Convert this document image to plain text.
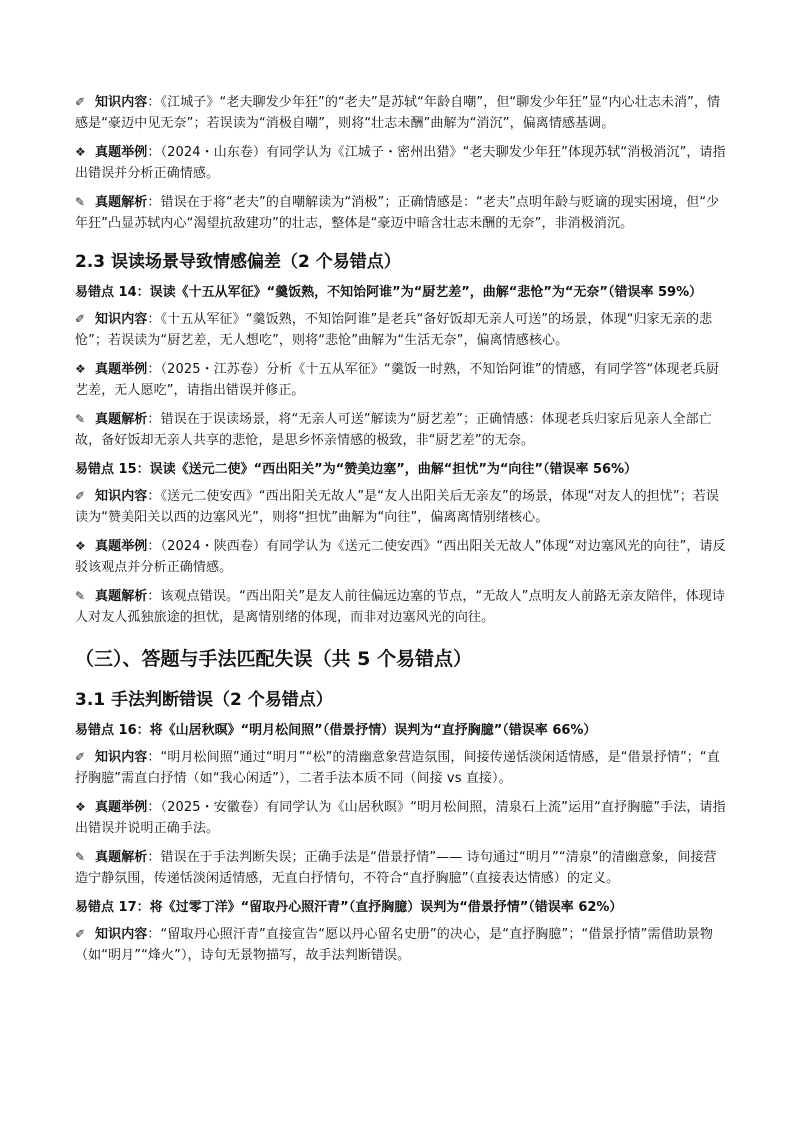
✐ 知识内容：《江城子》“老夫聊发少年狂”的“老夫”是苏轼“年龄自嘲”，但“聊发少年狂”显“内心壮志未消”，情感是“豪迈中见无奈”；若误读为“消极自嘲”，则将“壮志未酬”曲解为“消沉”，偏离情感基调。

❖ 真题举例：（2024・山东卷）有同学认为《江城子・密州出猎》“老夫聊发少年狂”体现苏轼“消极消沉”，请指出错误并分析正确情感。

✎ 真题解析：错误在于将“老夫”的自嘲解读为“消极”；正确情感是：“老夫”点明年龄与贬谪的现实困境，但“少年狂”凸显苏轼内心“渴望抗敌建功”的壮志，整体是“豪迈中暗含壮志未酬的无奈”，非消极消沉。

2.3 误读场景导致情感偏差（2 个易错点）
易错点 14：误读《十五从军征》“羹饭熟，不知饴阿谁”为“厨艺差”，曲解“悲怆”为“无奈”（错误率 59%）

✐ 知识内容：《十五从军征》“羹饭熟，不知饴阿谁”是老兵“备好饭却无亲人可送”的场景，体现“归家无亲的悲怆”；若误读为“厨艺差，无人想吃”，则将“悲怆”曲解为“生活无奈”，偏离情感核心。

❖ 真题举例：（2025・江苏卷）分析《十五从军征》“羹饭一时熟，不知饴阿谁”的情感，有同学答“体现老兵厨艺差，无人愿吃”，请指出错误并修正。

✎ 真题解析：错误在于误读场景，将“无亲人可送”解读为“厨艺差”；正确情感：体现老兵归家后见亲人全部亡故，备好饭却无亲人共享的悲怆，是思乡怀亲情感的极致，非“厨艺差”的无奈。

易错点 15：误读《送元二使》“西出阳关”为“赞美边塞”，曲解“担忧”为“向往”（错误率 56%）

✐ 知识内容：《送元二使安西》“西出阳关无故人”是“友人出阳关后无亲友”的场景，体现“对友人的担忧”；若误读为“赞美阳关以西的边塞风光”，则将“担忧”曲解为“向往”，偏离离情别绪核心。

❖ 真题举例：（2024・陕西卷）有同学认为《送元二使安西》“西出阳关无故人”体现“对边塞风光的向往”，请反驳该观点并分析正确情感。

✎ 真题解析：该观点错误。“西出阳关”是友人前往偏远边塞的节点，“无故人”点明友人前路无亲友陪伴，体现诗人对友人孤独旅途的担忧，是离情别绪的体现，而非对边塞风光的向往。

（三）、答题与手法匹配失误（共 5 个易错点）
3.1 手法判断错误（2 个易错点）
易错点 16：将《山居秋暝》“明月松间照”（借景抒情）误判为“直抒胸臆”（错误率 66%）

✐ 知识内容：“明月松间照”通过“明月”“松”的清幽意象营造氛围，间接传递恬淡闲适情感，是“借景抒情”；“直抒胸臆”需直白抒情（如“我心闲适”），二者手法本质不同（间接 vs 直接）。

❖ 真题举例：（2025・安徽卷）有同学认为《山居秋暝》“明月松间照，清泉石上流”运用“直抒胸臆”手法，请指出错误并说明正确手法。

✎ 真题解析：错误在于手法判断失误；正确手法是“借景抒情”—— 诗句通过“明月”“清泉”的清幽意象，间接营造宁静氛围，传递恬淡闲适情感，无直白抒情句，不符合“直抒胸臆”（直接表达情感）的定义。

易错点 17：将《过零丁洋》“留取丹心照汗青”（直抒胸臆）误判为“借景抒情”（错误率 62%）

✐ 知识内容：“留取丹心照汗青”直接宣告“愿以丹心留名史册”的决心，是“直抒胸臆”；“借景抒情”需借助景物（如“明月”“烽火”），诗句无景物描写，故手法判断错误。
